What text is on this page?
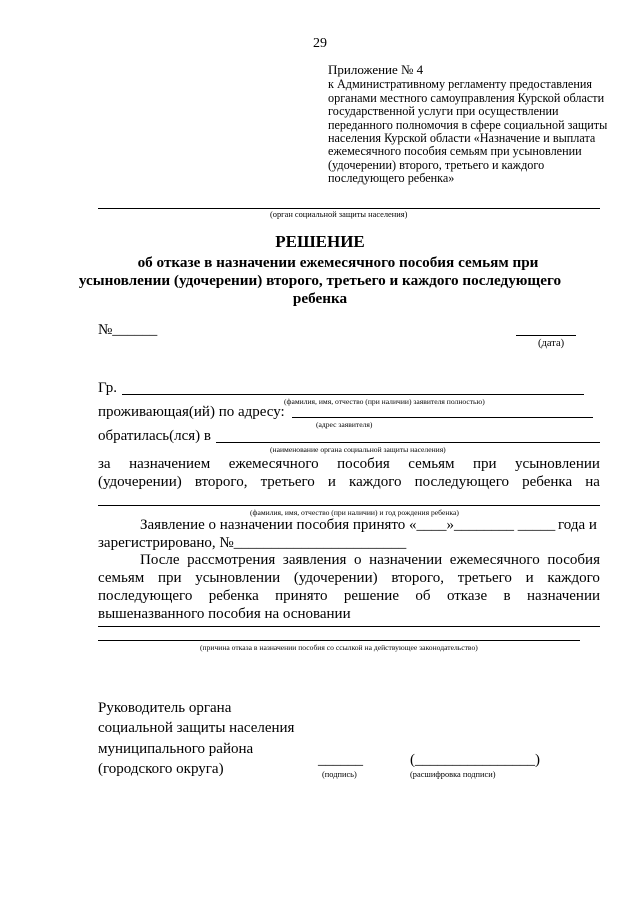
29
Приложение № 4
к Административному регламенту предоставления
органами местного самоуправления Курской области
государственной услуги при осуществлении
переданного полномочия в сфере социальной защиты
населения Курской области «Назначение и выплата
ежемесячного пособия семьям при усыновлении
(удочерении) второго, третьего и каждого
последующего ребенка»
(орган социальной защиты населения)
РЕШЕНИЕ
об отказе в назначении ежемесячного пособия семьям при
усыновлении (удочерении) второго, третьего и каждого последующего
ребенка
№______
(дата)
Гр.
(фамилия, имя, отчество (при наличии) заявителя полностью)
проживающая(ий) по адресу:
(адрес заявителя)
обратилась(лся) в
(наименование органа социальной защиты населения)
за назначением ежемесячного пособия семьям при усыновлении
(удочерении) второго, третьего и каждого последующего ребенка на
(фамилия, имя, отчество (при наличии) и год рождения ребенка)
Заявление о назначении пособия принято «____»________ _____ года и
зарегистрировано, №_______________________
После рассмотрения заявления о назначении ежемесячного пособия
семьям при усыновлении (удочерении) второго, третьего и каждого
последующего ребенка принято решение об отказе в назначении
вышеназванного пособия на основании
(причина отказа в назначении пособия со ссылкой на действующее законодательство)
Руководитель органа
социальной защиты населения
муниципального района
(городского округа)
______	(________________)
(подпись)	(расшифровка подписи)
